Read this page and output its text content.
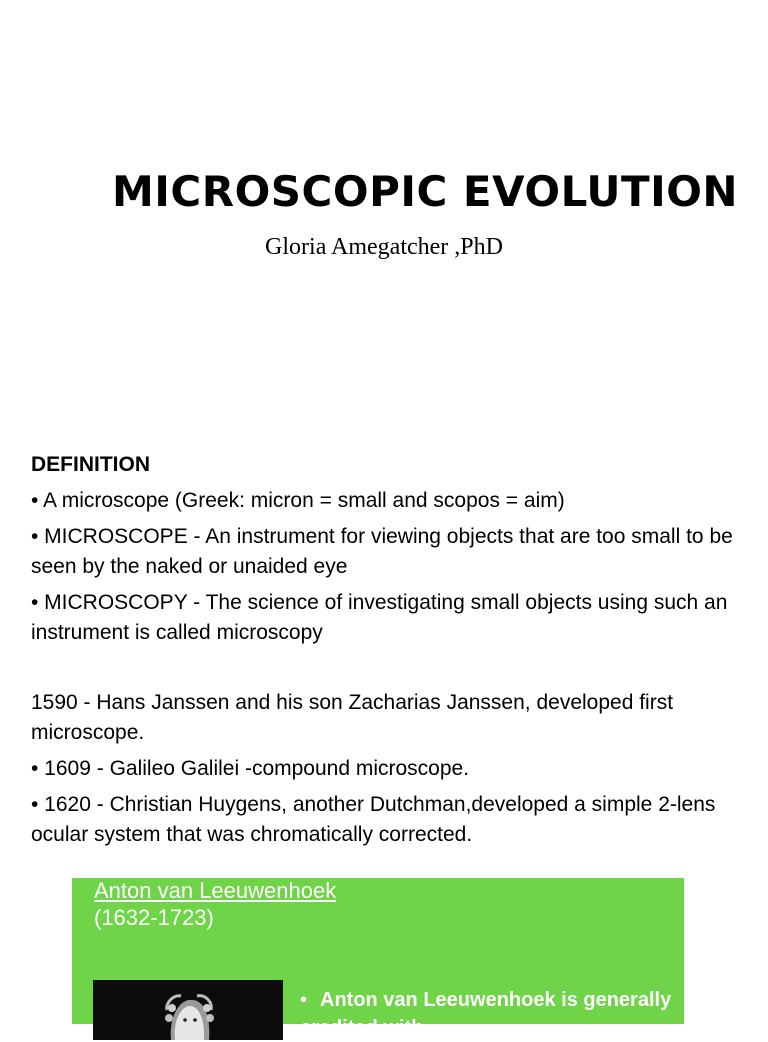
MICROSCOPIC EVOLUTION
Gloria Amegatcher ,PhD
DEFINITION
• A microscope (Greek: micron = small and scopos = aim)
• MICROSCOPE - An instrument for viewing objects that are too small to be seen by the naked or unaided eye
• MICROSCOPY - The science of investigating small objects using such an instrument is called microscopy
1590 - Hans Janssen and his son Zacharias Janssen, developed first microscope.
• 1609 - Galileo Galilei -compound microscope.
• 1620 - Christian Huygens, another Dutchman,developed a simple 2-lens ocular system that was chromatically corrected.
Anton van Leeuwenhoek
(1632-1723)
• Anton van Leeuwenhoek is generally credited with
